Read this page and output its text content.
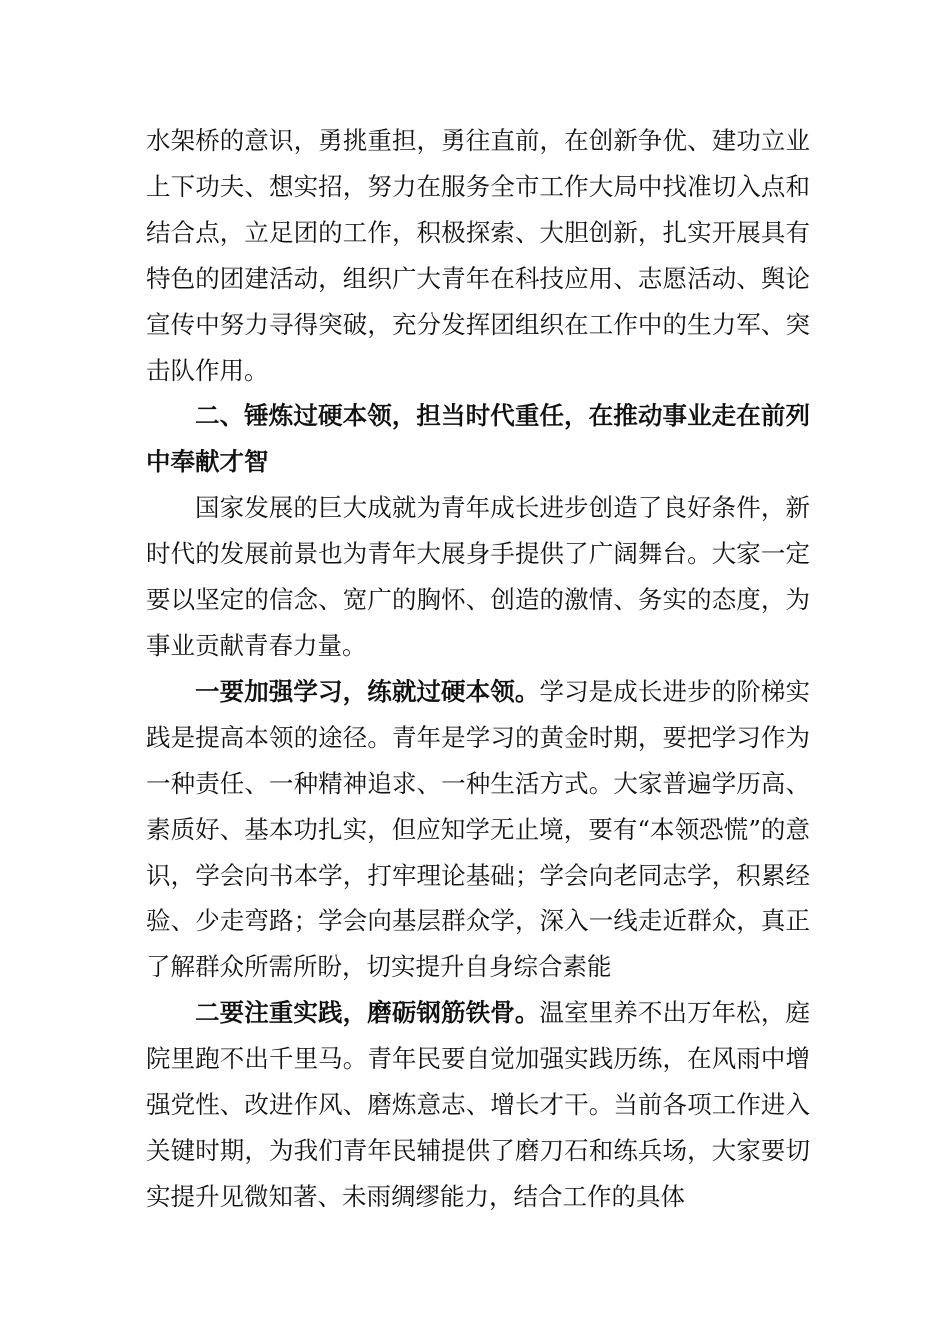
水架桥的意识，勇挑重担，勇往直前，在创新争优、建功立业上下功夫、想实招，努力在服务全市工作大局中找准切入点和结合点，立足团的工作，积极探索、大胆创新，扎实开展具有特色的团建活动，组织广大青年在科技应用、志愿活动、舆论宣传中努力寻得突破，充分发挥团组织在工作中的生力军、突击队作用。

二、锤炼过硬本领，担当时代重任，在推动事业走在前列中奉献才智

国家发展的巨大成就为青年成长进步创造了良好条件，新时代的发展前景也为青年大展身手提供了广阔舞台。大家一定要以坚定的信念、宽广的胸怀、创造的激情、务实的态度，为事业贡献青春力量。

一要加强学习，练就过硬本领。学习是成长进步的阶梯实践是提高本领的途径。青年是学习的黄金时期，要把学习作为一种责任、一种精神追求、一种生活方式。大家普遍学历高、素质好、基本功扎实，但应知学无止境，要有“本领恐慌”的意识，学会向书本学，打牢理论基础；学会向老同志学，积累经验、少走弯路；学会向基层群众学，深入一线走近群众，真正了解群众所需所盼，切实提升自身综合素能

二要注重实践，磨砺钢筋铁骨。温室里养不出万年松，庭院里跑不出千里马。青年民要自觉加强实践历练，在风雨中增强党性、改进作风、磨炼意志、增长才干。当前各项工作进入关键时期，为我们青年民辅提供了磨刀石和练兵场，大家要切实提升见微知著、未雨绸缪能力，结合工作的具体
